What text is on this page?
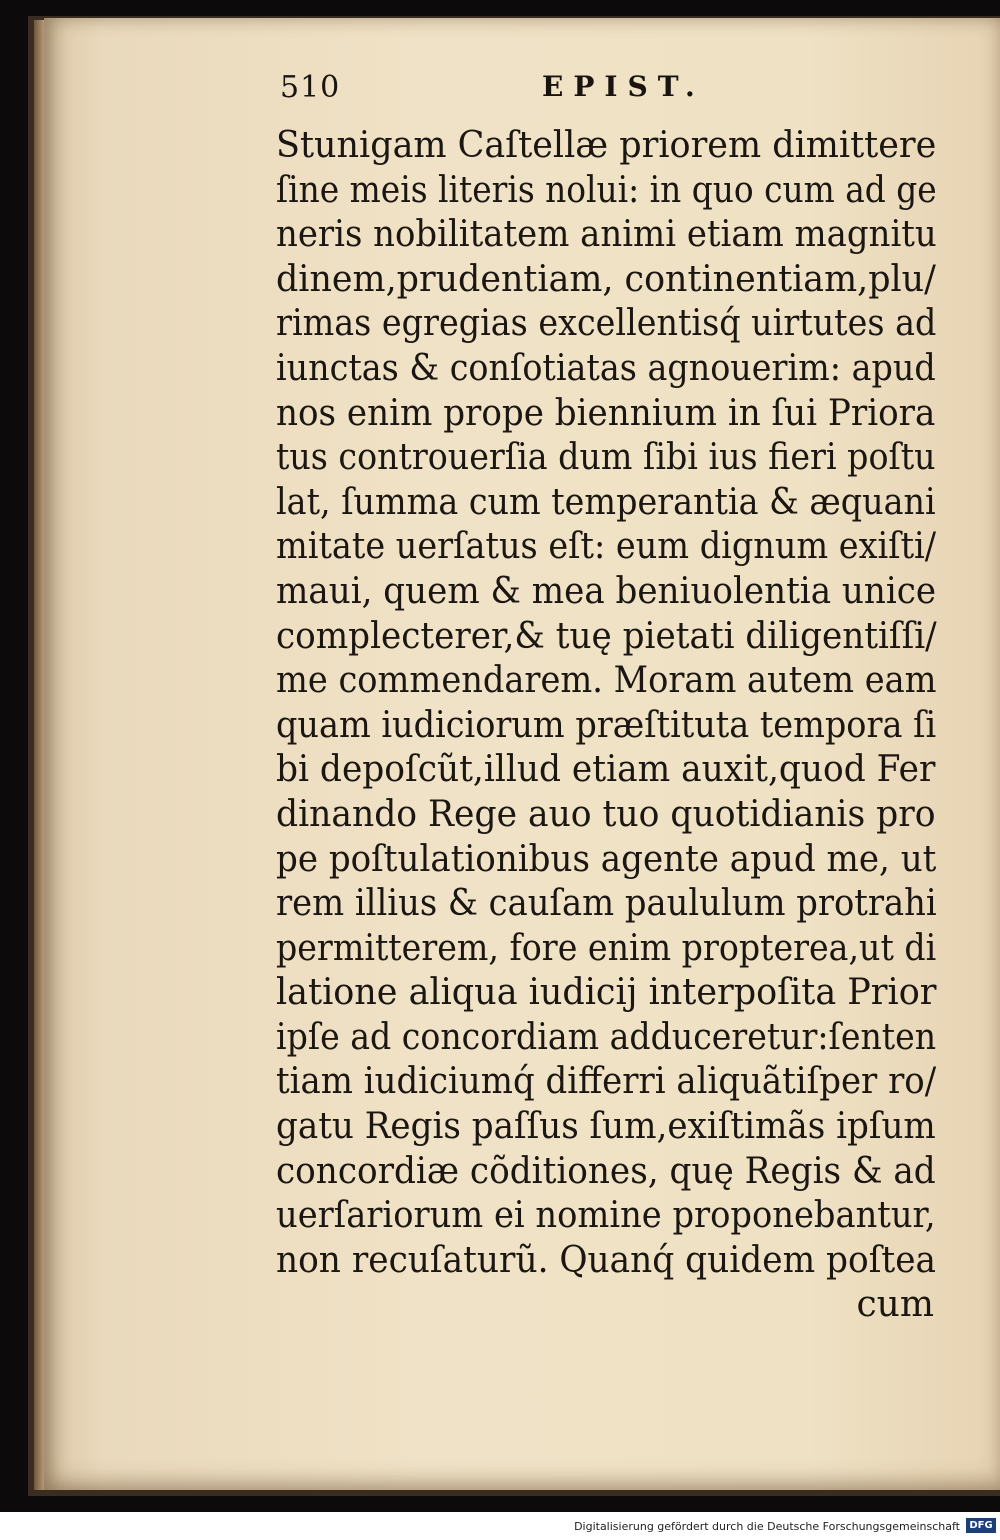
510	EPIST.
Stunigam Caſtellæ priorem dimittere
ſine meis literis nolui: in quo cum ad ge
neris nobilitatem animi etiam magnitu
dinem,prudentiam, continentiam,plu/
rimas egregias excellentisq́ uirtutes ad
iunctas & conſotiatas agnouerim: apud
nos enim prope biennium in ſui Priora
tus controuerſia dum ſibi ius fieri poſtu
lat, ſumma cum temperantia & æquani
mitate uerſatus eſt: eum dignum exiſti/
maui, quem & mea beniuolentia unice
complecterer,& tuę pietati diligentiſſi/
me commendarem. Moram autem eam
quam iudiciorum præſtituta tempora ſi
bi depoſcũt,illud etiam auxit,quod Fer
dinando Rege auo tuo quotidianis pro
pe poſtulationibus agente apud me, ut
rem illius & cauſam paululum protrahi
permitterem, fore enim propterea,ut di
latione aliqua iudicij interpoſita Prior
ipſe ad concordiam adduceretur:ſenten
tiam iudiciumq́ differri aliquãtiſper ro/
gatu Regis paſſus ſum,exiſtimãs ipſum
concordiæ cõditiones, quę Regis & ad
uerſariorum ei nomine proponebantur,
non recuſaturũ. Quanq́ quidem poſtea
cum
Digitalisierung gefördert durch die Deutsche Forschungsgemeinschaft DFG
